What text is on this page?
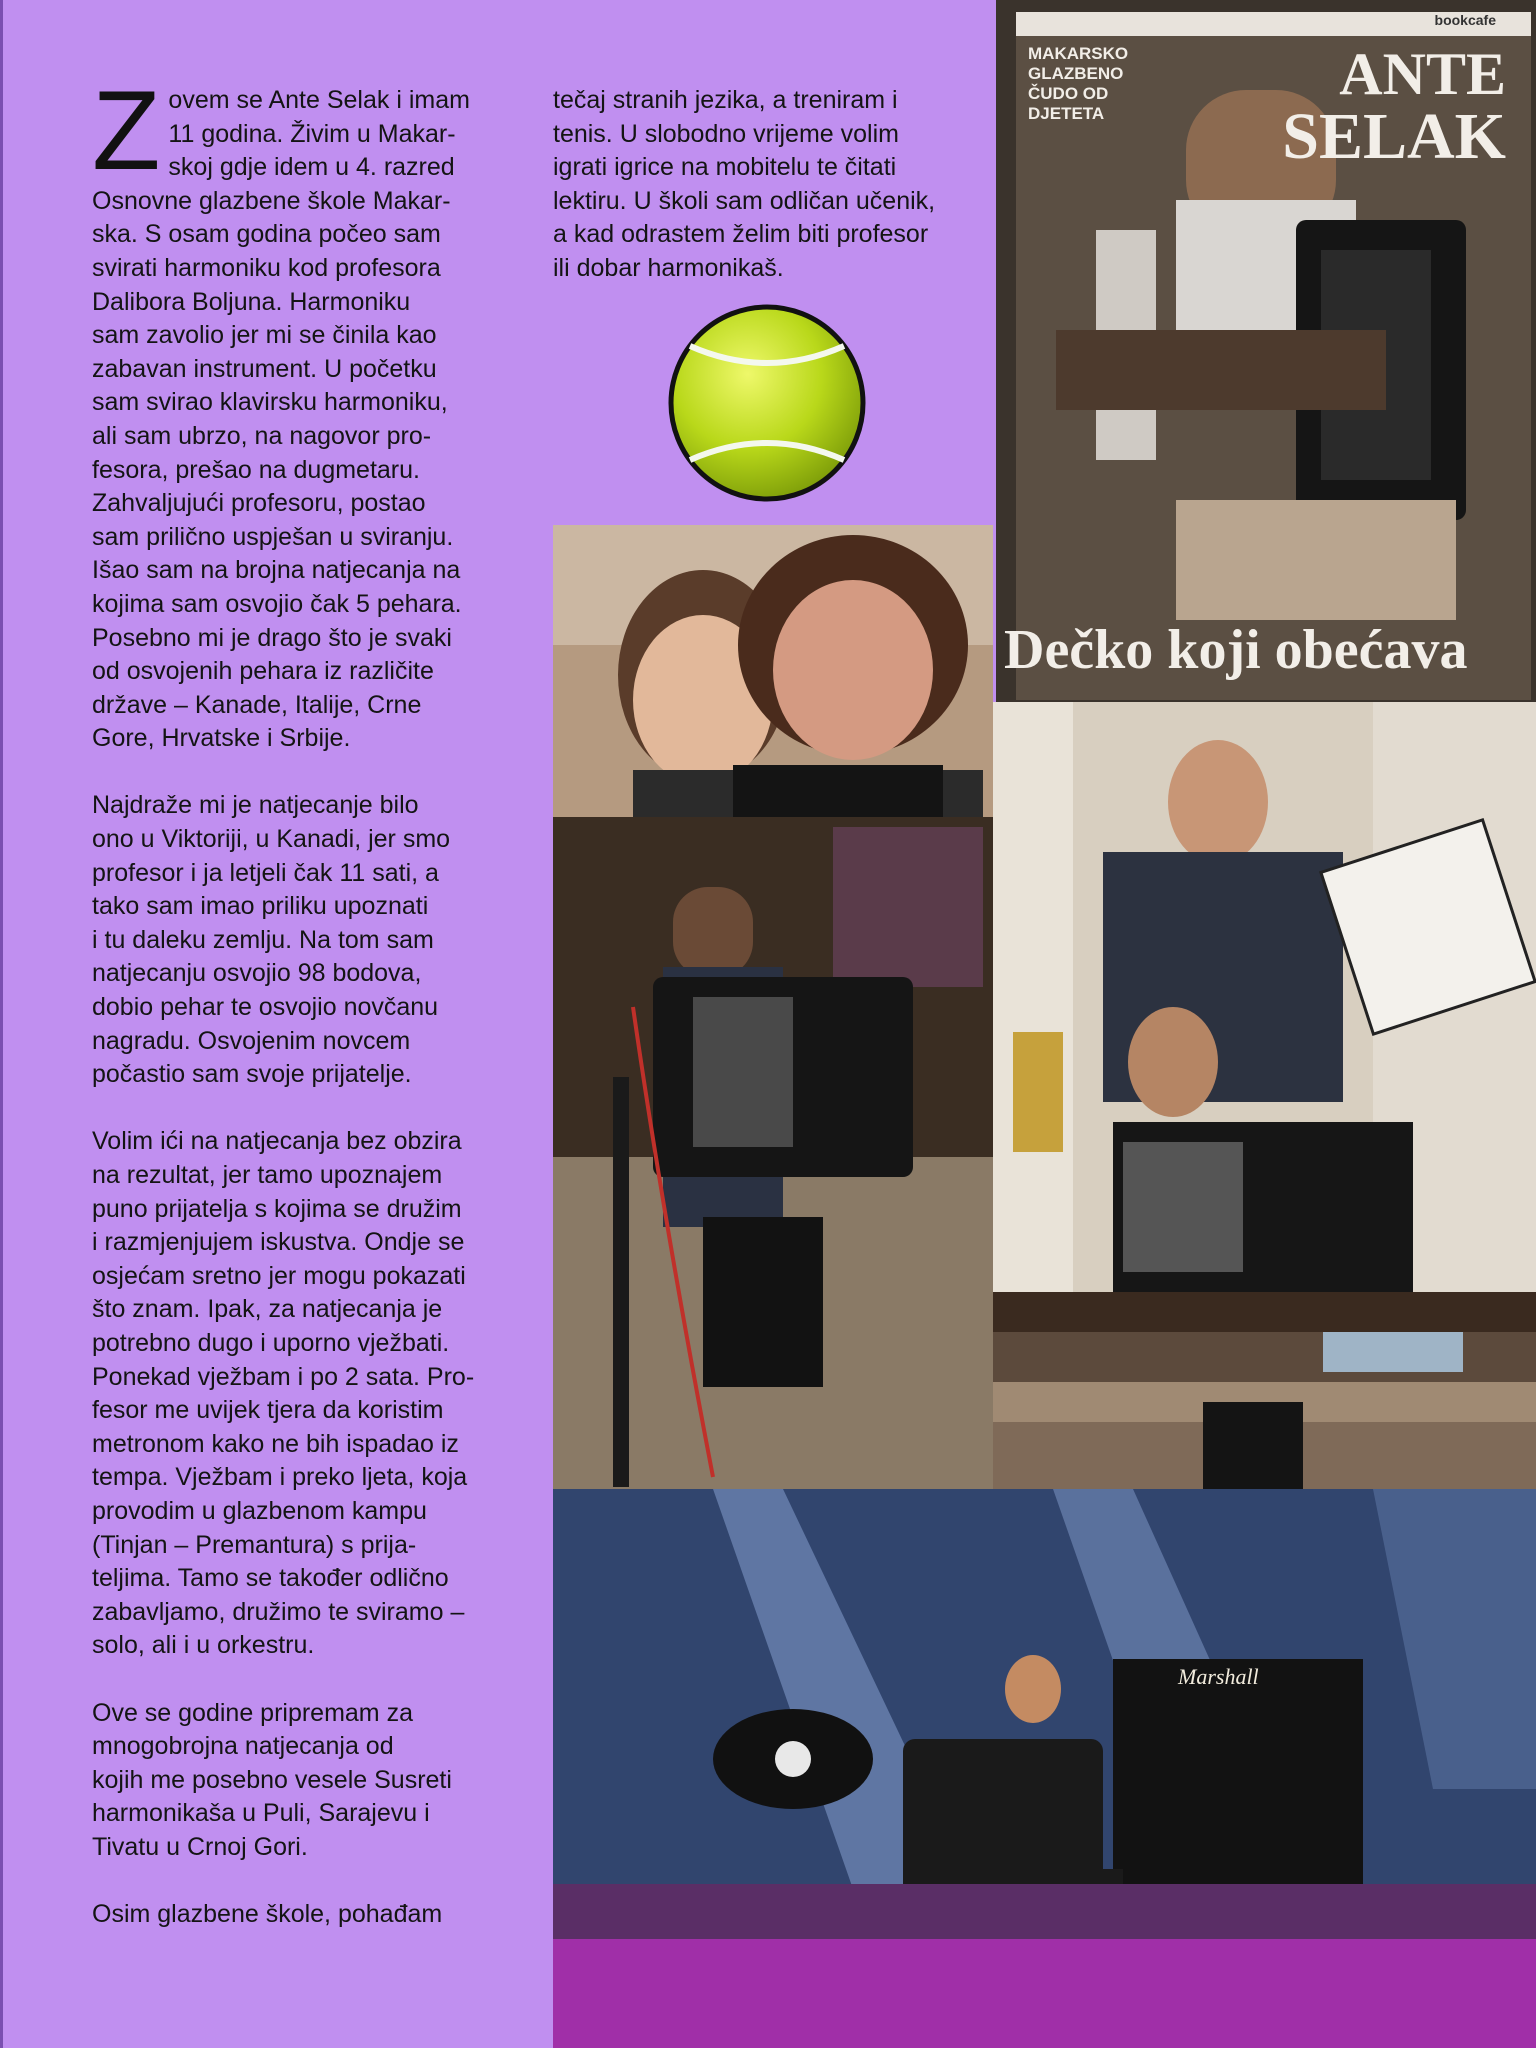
Zovem se Ante Selak i imam
11 godina. Živim u Makar-
skoj gdje idem u 4. razred
Osnovne glazbene škole Makar-
ska. S osam godina počeo sam
svirati harmoniku kod profesora
Dalibora Boljuna. Harmoniku
sam zavolio jer mi se činila kao
zabavan instrument. U početku
sam svirao klavirsku harmoniku,
ali sam ubrzo, na nagovor pro-
fesora, prešao na dugmetaru.
Zahvaljujući profesoru, postao
sam prilično uspješan u sviranju.
Išao sam na brojna natjecanja na
kojima sam osvojio čak 5 pehara.
Posebno mi je drago što je svaki
od osvojenih pehara iz različite
države – Kanade, Italije, Crne
Gore, Hrvatske i Srbije.

Najdraže mi je natjecanje bilo
ono u Viktoriji, u Kanadi, jer smo
profesor i ja letjeli čak 11 sati, a
tako sam imao priliku upoznati
i tu daleku zemlju. Na tom sam
natjecanju osvojio 98 bodova,
dobio pehar te osvojio novčanu
nagradu. Osvojenim novcem
počastio sam svoje prijatelje.

Volim ići na natjecanja bez obzira
na rezultat, jer tamo upoznajem
puno prijatelja s kojima se družim
i razmjenjujem iskustva. Ondje se
osjećam sretno jer mogu pokazati
što znam. Ipak, za natjecanja je
potrebno dugo i uporno vježbati.
Ponekad vježbam i po 2 sata. Pro-
fesor me uvijek tjera da koristim
metronom kako ne bih ispadao iz
tempa. Vježbam i preko ljeta, koja
provodim u glazbenom kampu
(Tinjan – Premantura) s prija-
teljima. Tamo se također odlično
zabavljamo, družimo te sviramo –
solo, ali i u orkestru.

Ove se godine pripremam za
mnogobrojna natjecanja od
kojih me posebno vesele Susreti
harmonikaša u Puli, Sarajevu i
Tivatu u Crnoj Gori.

Osim glazbene škole, pohađam

tečaj stranih jezika, a treniram i
tenis. U slobodno vrijeme volim
igrati igrice na mobitelu te čitati
lektiru. U školi sam odličan učenik,
a kad odrastem želim biti profesor
ili dobar harmonikaš.

bookcafe
MAKARSKO
GLAZBENO
ČUDO OD
DJETETA
ANTE
SELAK
Dečko koji obećava
Marshall
